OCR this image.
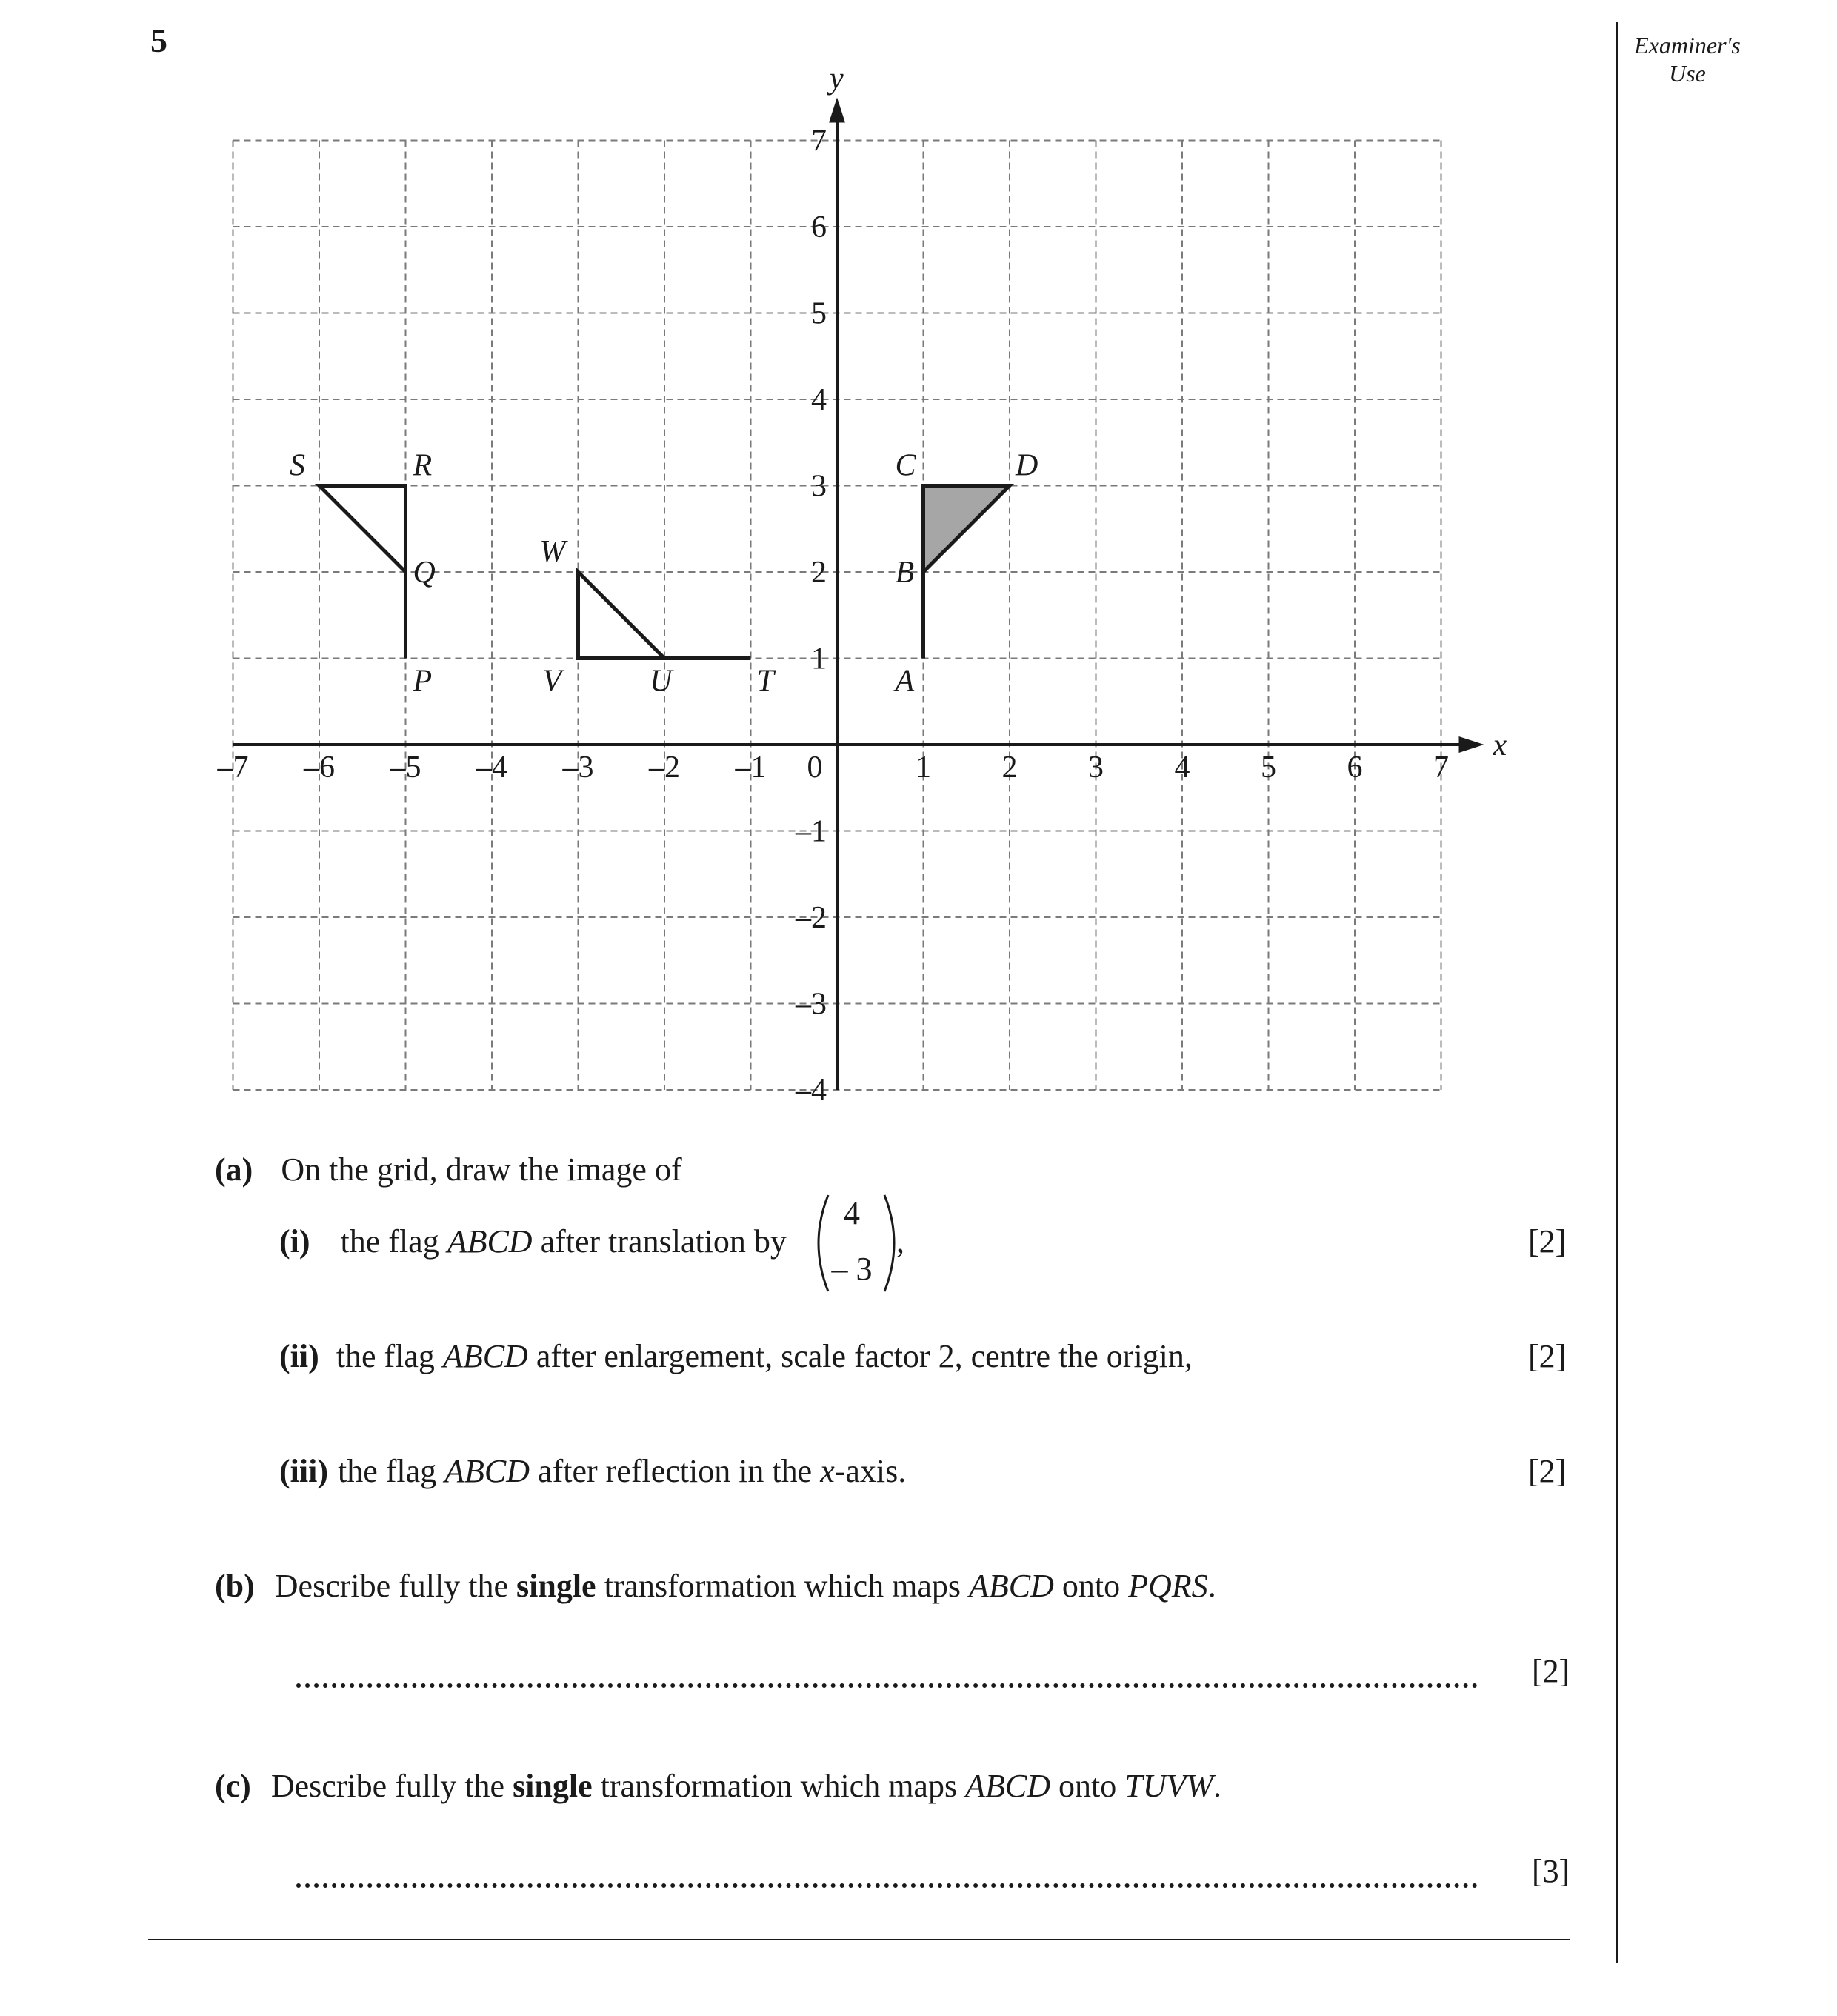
5	Examiner's
Use
x
y
–7 –6 –5 –4 –3 –2 –1	1 2 3 4 5 6 7
0
7
6
5
4
3
2
1
–1
–2
–3
–4
A
B
C	D
P
Q
R
S
T
U
V
W
(a) On the grid, draw the image of
(i) the flag ABCD after translation by
4
– 3
,	[2]
(ii) the flag ABCD after enlargement, scale factor 2, centre the origin,	[2]
(iii) the flag ABCD after reflection in the x-axis.	[2]
(b) Describe fully the single transformation which maps ABCD onto PQRS.
[2]
(c) Describe fully the single transformation which maps ABCD onto TUVW.
[3]
